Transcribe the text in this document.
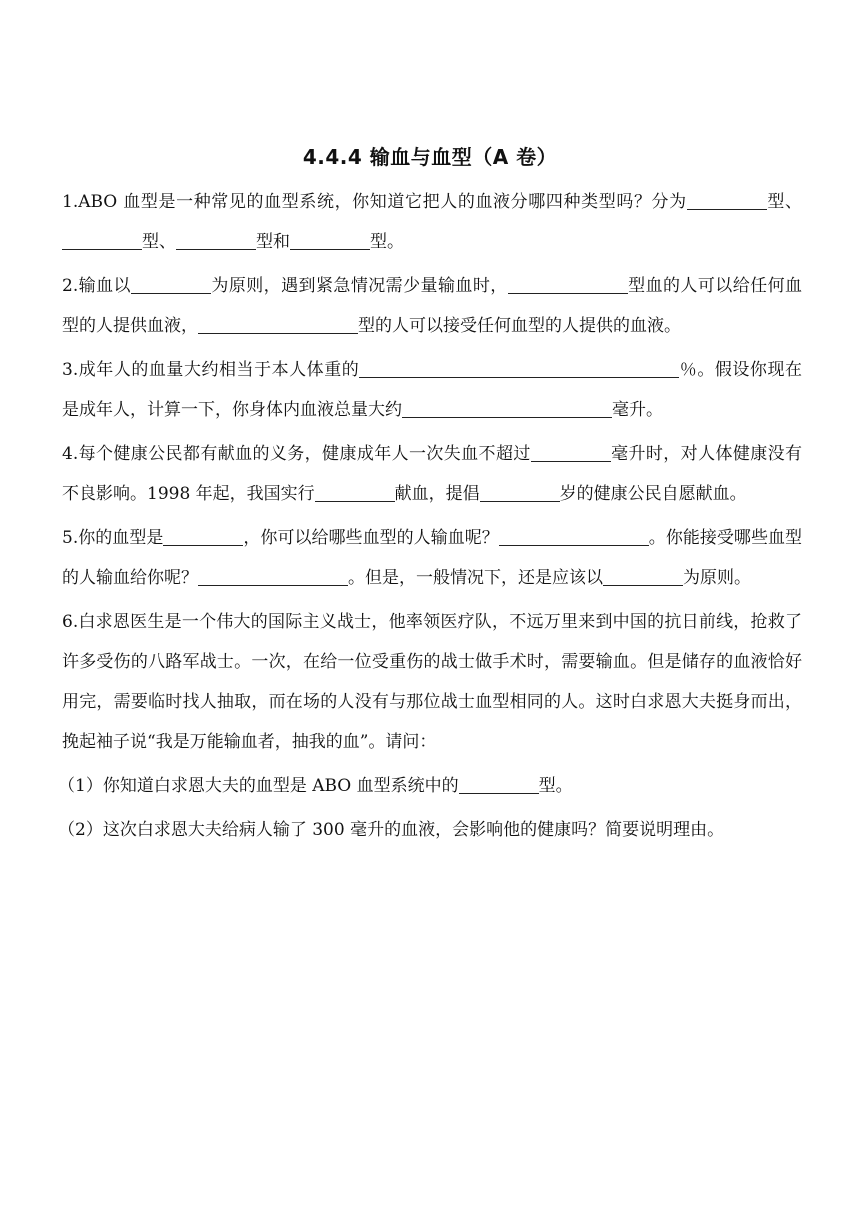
4.4.4 输血与血型（A 卷）

1.ABO 血型是一种常见的血型系统，你知道它把人的血液分哪四种类型吗？分为	型、型、	型和	型。

2.输血以	为原则，遇到紧急情况需少量输血时，	型血的人可以给任何血型的人提供血液，	型的人可以接受任何血型的人提供的血液。

3.成年人的血量大约相当于本人体重的	％。假设你现在是成年人，计算一下，你身体内血液总量大约	毫升。

4.每个健康公民都有献血的义务，健康成年人一次失血不超过	毫升时，对人体健康没有不良影响。1998 年起，我国实行	献血，提倡	岁的健康公民自愿献血。

5.你的血型是	，你可以给哪些血型的人输血呢？	。你能接受哪些血型的人输血给你呢？	。但是，一般情况下，还是应该以	为原则。

6.白求恩医生是一个伟大的国际主义战士，他率领医疗队，不远万里来到中国的抗日前线，抢救了许多受伤的八路军战士。一次，在给一位受重伤的战士做手术时，需要输血。但是储存的血液恰好用完，需要临时找人抽取，而在场的人没有与那位战士血型相同的人。这时白求恩大夫挺身而出，挽起袖子说“我是万能输血者，抽我的血”。请问：

（1）你知道白求恩大夫的血型是 ABO 血型系统中的	型。

（2）这次白求恩大夫给病人输了 300 毫升的血液，会影响他的健康吗？简要说明理由。
